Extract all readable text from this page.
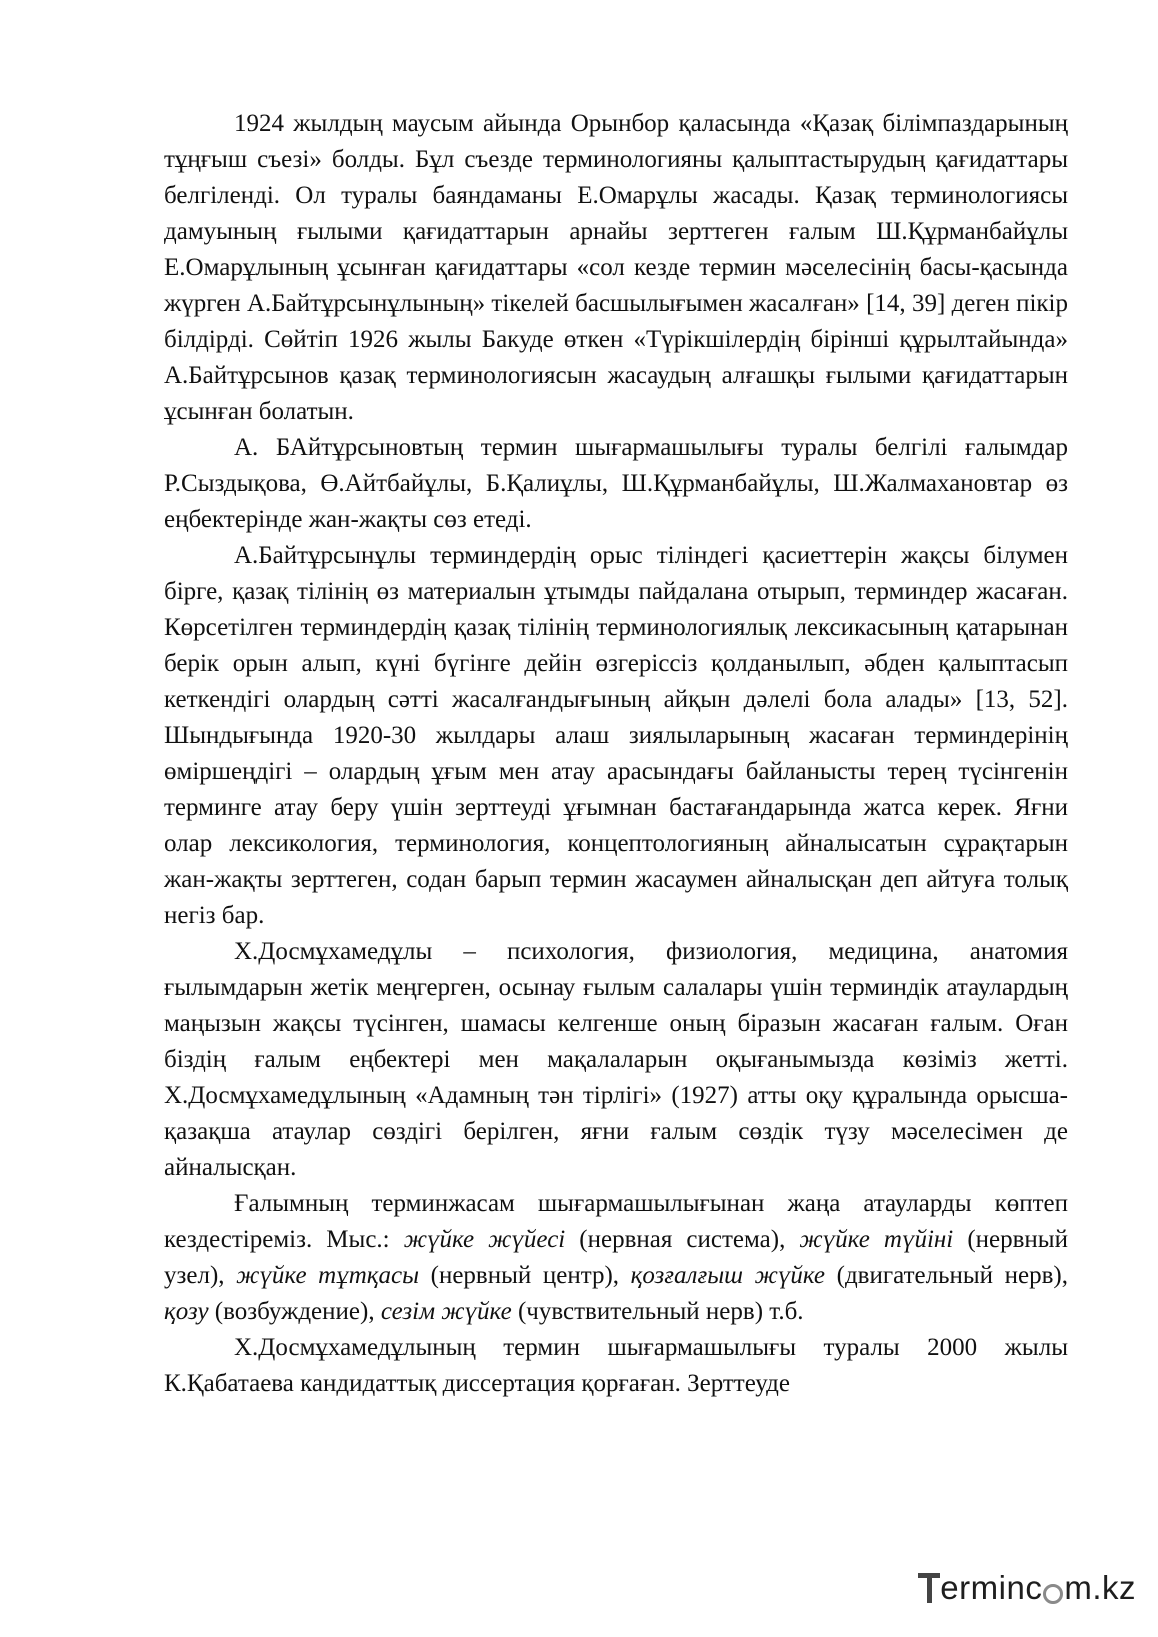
1924 жылдың маусым айында Орынбор қаласында «Қазақ білімпаздарының тұңғыш съезі» болды. Бұл съезде терминологияны қалыптастырудың қағидаттары белгіленді. Ол туралы баяндаманы Е.Омарұлы жасады. Қазақ терминологиясы дамуының ғылыми қағидаттарын арнайы зерттеген ғалым Ш.Құрманбайұлы Е.Омарұлының ұсынған қағидаттары «сол кезде термин мәселесінің басы-қасында жүрген А.Байтұрсынұлының» тікелей басшылығымен жасалған» [14, 39] деген пікір білдірді. Сөйтіп 1926 жылы Бакуде өткен «Түрікшілердің бірінші құрылтайында» А.Байтұрсынов қазақ терминологиясын жасаудың алғашқы ғылыми қағидаттарын ұсынған болатын.

А. БАйтұрсыновтың термин шығармашылығы туралы белгілі ғалымдар Р.Сыздықова, Ө.Айтбайұлы, Б.Қалиұлы, Ш.Құрманбайұлы, Ш.Жалмахановтар өз еңбектерінде жан-жақты сөз етеді.

А.Байтұрсынұлы терминдердің орыс тіліндегі қасиеттерін жақсы білумен бірге, қазақ тілінің өз материалын ұтымды пайдалана отырып, терминдер жасаған. Көрсетілген терминдердің қазақ тілінің терминологиялық лексикасының қатарынан берік орын алып, күні бүгінге дейін өзгеріссіз қолданылып, әбден қалыптасып кеткендігі олардың сәтті жасалғандығының айқын дәлелі бола алады» [13, 52]. Шындығында 1920-30 жылдары алаш зиялыларының жасаған терминдерінің өміршеңдігі – олардың ұғым мен атау арасындағы байланысты терең түсінгенін терминге атау беру үшін зерттеуді ұғымнан бастағандарында жатса керек. Яғни олар лексикология, терминология, концептологияның айналысатын сұрақтарын жан-жақты зерттеген, содан барып термин жасаумен айналысқан деп айтуға толық негіз бар.

Х.Досмұхамедұлы – психология, физиология, медицина, анатомия ғылымдарын жетік меңгерген, осынау ғылым салалары үшін терминдік атаулардың маңызын жақсы түсінген, шамасы келгенше оның біразын жасаған ғалым. Оған біздің ғалым еңбектері мен мақалаларын оқығанымызда көзіміз жетті. Х.Досмұхамедұлының «Адамның тән тірлігі» (1927) атты оқу құралында орысша-қазақша атаулар сөздігі берілген, яғни ғалым сөздік түзу мәселесімен де айналысқан.

Ғалымның терминжасам шығармашылығынан жаңа атауларды көптеп кездестіреміз. Мыс.: жүйке жүйесі (нервная система), жүйке түйіні (нервный узел), жүйке тұтқасы (нервный центр), қозғалғыш жүйке (двигательный нерв), қозу (возбуждение), сезім жүйке (чувствительный нерв) т.б.

Х.Досмұхамедұлының термин шығармашылығы туралы 2000 жылы К.Қабатаева кандидаттық диссертация қорғаған. Зерттеуде

ermin c m.kz
